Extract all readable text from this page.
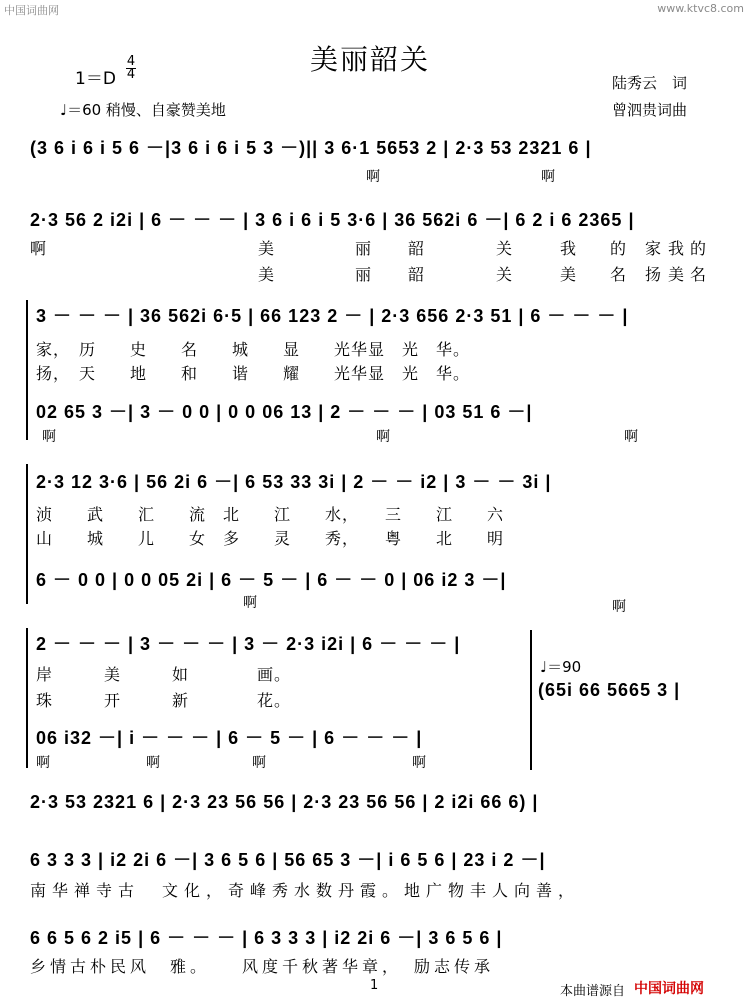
中国词曲网	www.ktvc8.com
美丽韶关
1＝D
4
4
♩＝60 稍慢、自豪赞美地
陆秀云　词
曾泗贵词曲
(3 6 i 6 i 5 6 －|3 6 i 6 i 5 3 －)|| 3 6·1 5653 2 | 2·3 53 2321 6 |
啊	啊
2·3 56 2 i2i | 6 － － － | 3 6 i 6 i 5 3·6 | 36 562i 6 －| 6 2 i 6 2365 |
啊	美	丽 韶	关	我 的 家 我 的
美	丽 韶	关	美 名 扬 美 名
3 － － － | 36 562i 6·5 | 66 123 2 － | 2·3 656 2·3 51 | 6 － － － |
家，　历　　史　　名　　城　　显　　光华显　光　华。
扬，　天　　地　　和　　谐　　耀　　光华显　光　华。
02 65 3 －| 3 － 0 0 | 0 0 06 13 | 2 － － － | 03 51 6 －|
啊	啊	啊
2·3 12 3·6 | 56 2i 6 －| 6 53 33 3i | 2 － － i2 | 3 － － 3i |
浈　　武　　汇　　流　北　　江　　水，　　三　　江　　六
山　　城　　儿　　女　多　　灵　　秀，　　粤　　北　　明
6 － 0 0 | 0 0 05 2i | 6 － 5 － | 6 － － 0 | 06 i2 3 －|
啊	啊
2 － － － | 3 － － － | 3 － 2·3 i2i | 6 － － － |
岸　　　美　　　如　　　　画。
珠　　　开　　　新　　　　花。
♩＝90
(65i 66 5665 3 |
06 i32 －| i － － － | 6 － 5 － | 6 － － － |
啊	啊	啊	啊
2·3 53 2321 6 | 2·3 23 56 56 | 2·3 23 56 56 | 2 i2i 66 6) |
6 3 3 3 | i2 2i 6 －| 3 6 5 6 | 56 65 3 －| i 6 5 6 | 23 i 2 －|
南华禅寺古　文化，奇峰秀水数丹霞。地广物丰人向善，
6 6 5 6 2 i5 | 6 － － － | 6 3 3 3 | i2 2i 6 －| 3 6 5 6 |
乡情古朴民风　雅。　　风度千秋著华章，　励志传承
1	本曲谱源自 中国词曲网
